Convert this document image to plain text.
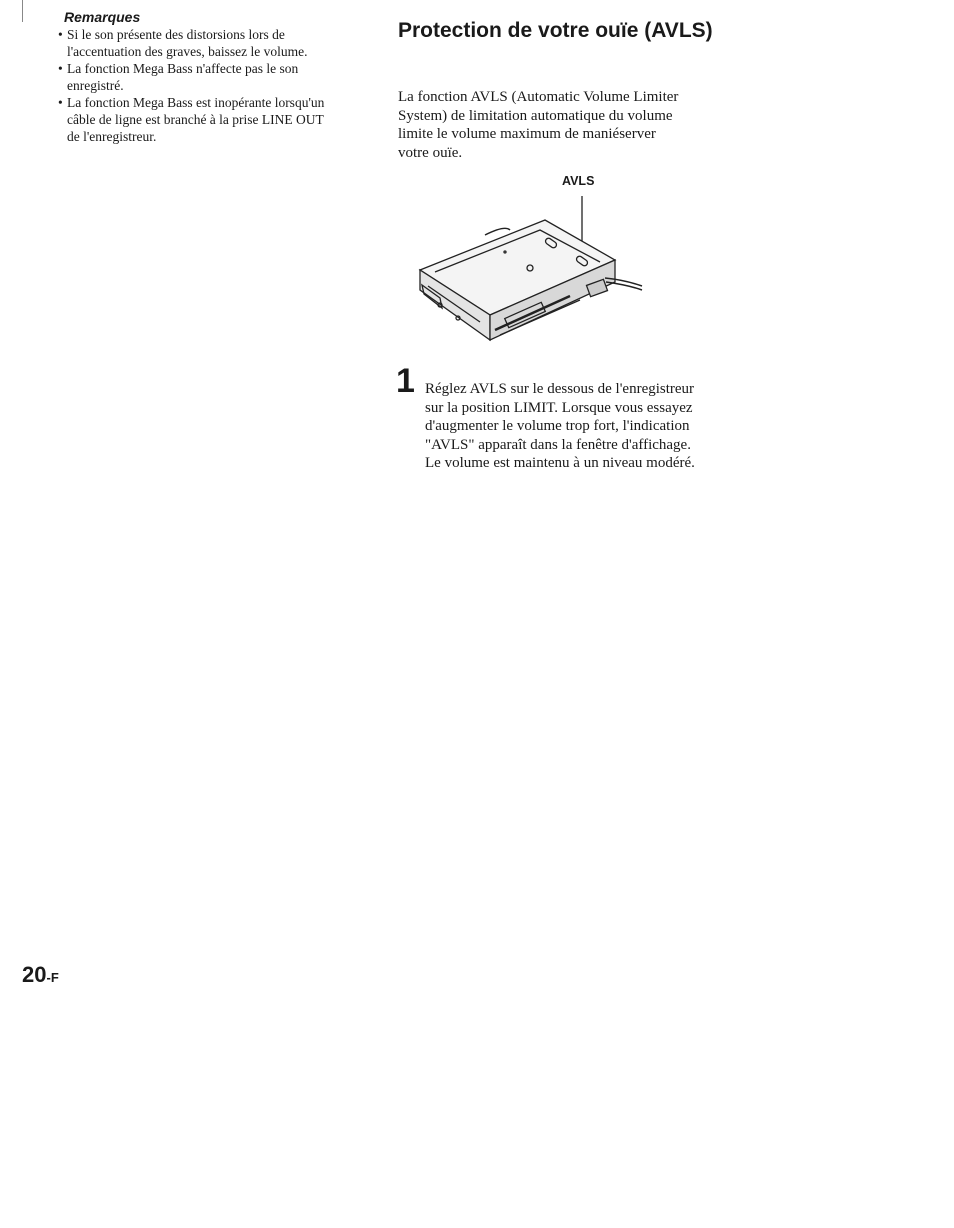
Remarques
• Si le son présente des distorsions lors de l'accentuation des graves, baissez le volume.
• La fonction Mega Bass n'affecte pas le son enregistré.
• La fonction Mega Bass est inopérante lorsqu'un câble de ligne est branché à la prise LINE OUT de l'enregistreur.
Protection de votre ouïe (AVLS)

La fonction AVLS (Automatic Volume Limiter System) de limitation automatique du volume limite le volume maximum de maniéserver votre ouïe.

AVLS
1 Réglez AVLS sur le dessous de l'enregistreur sur la position LIMIT. Lorsque vous essayez d'augmenter le volume trop fort, l'indication "AVLS" apparaît dans la fenêtre d'affichage. Le volume est maintenu à un niveau modéré.

20-F
